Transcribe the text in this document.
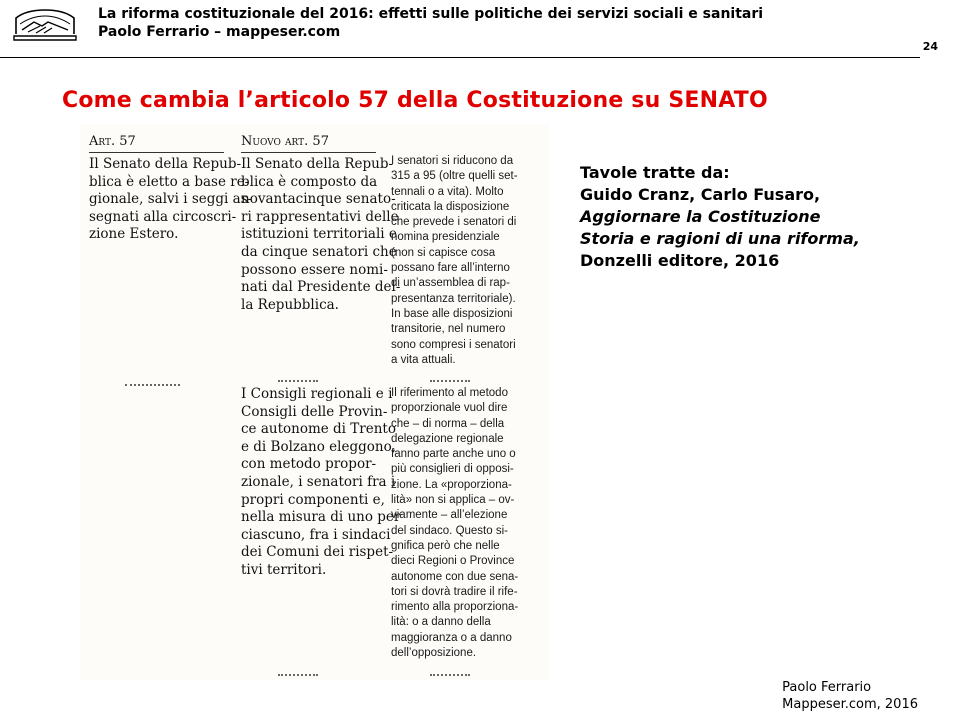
La riforma costituzionale del 2016: effetti sulle politiche dei servizi sociali e sanitari
Paolo Ferrario – mappeser.com
24
Come cambia l’articolo 57 della Costituzione su SENATO
Art. 57
Il Senato della Repub-
blica è eletto a base re-
gionale, salvi i seggi as-
segnati alla circoscri-
zione Estero.
Nuovo art. 57
Il Senato della Repub-
blica è composto da
novantacinque senato-
ri rappresentativi delle
istituzioni territoriali e
da cinque senatori che
possono essere nomi-
nati dal Presidente del-
la Repubblica.
I Consigli regionali e i
Consigli delle Provin-
ce autonome di Trento
e di Bolzano eleggono,
con metodo propor-
zionale, i senatori fra i
propri componenti e,
nella misura di uno per
ciascuno, fra i sindaci
dei Comuni dei rispet-
tivi territori.
I senatori si riducono da
315 a 95 (oltre quelli set-
tennali o a vita). Molto
criticata la disposizione
che prevede i senatori di
nomina presidenziale
(non si capisce cosa
possano fare all’interno
di un’assemblea di rap-
presentanza territoriale).
In base alle disposizioni
transitorie, nel numero
sono compresi i senatori
a vita attuali.
Il riferimento al metodo
proporzionale vuol dire
che – di norma – della
delegazione regionale
fanno parte anche uno o
più consiglieri di opposi-
zione. La «proporziona-
lità» non si applica – ov-
viamente – all’elezione
del sindaco. Questo si-
gnifica però che nelle
dieci Regioni o Province
autonome con due sena-
tori si dovrà tradire il rife-
rimento alla proporziona-
lità: o a danno della
maggioranza o a danno
dell’opposizione.
Tavole tratte da:
Guido Cranz, Carlo Fusaro,
Aggiornare la Costituzione
Storia e ragioni di una riforma,
Donzelli editore, 2016
Paolo Ferrario
Mappeser.com, 2016
